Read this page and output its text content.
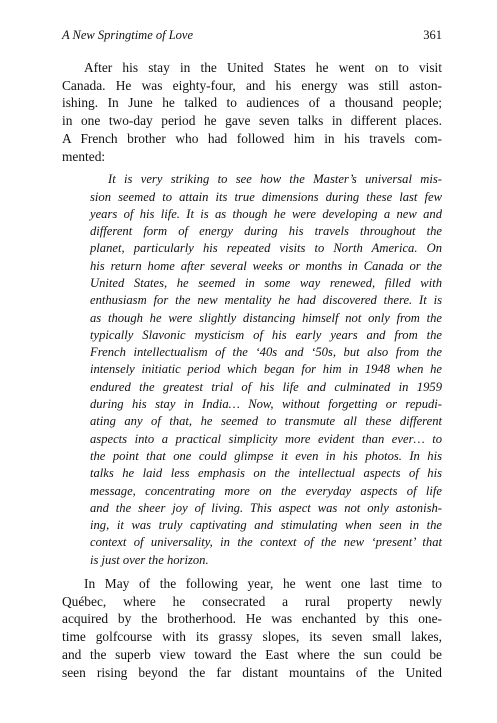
A New Springtime of Love	361
After his stay in the United States he went on to visit
Canada. He was eighty-four, and his energy was still aston-
ishing. In June he talked to audiences of a thousand people;
in one two-day period he gave seven talks in different places.
A French brother who had followed him in his travels com-
mented:
It is very striking to see how the Master’s universal mis-
sion seemed to attain its true dimensions during these last few
years of his life. It is as though he were developing a new and
different form of energy during his travels throughout the
planet, particularly his repeated visits to North America. On
his return home after several weeks or months in Canada or the
United States, he seemed in some way renewed, filled with
enthusiasm for the new mentality he had discovered there. It is
as though he were slightly distancing himself not only from the
typically Slavonic mysticism of his early years and from the
French intellectualism of the ‘40s and ‘50s, but also from the
intensely initiatic period which began for him in 1948 when he
endured the greatest trial of his life and culminated in 1959
during his stay in India… Now, without forgetting or repudi-
ating any of that, he seemed to transmute all these different
aspects into a practical simplicity more evident than ever… to
the point that one could glimpse it even in his photos. In his
talks he laid less emphasis on the intellectual aspects of his
message, concentrating more on the everyday aspects of life
and the sheer joy of living. This aspect was not only astonish-
ing, it was truly captivating and stimulating when seen in the
context of universality, in the context of the new ‘present’ that
is just over the horizon.
In May of the following year, he went one last time to
Québec, where he consecrated a rural property newly
acquired by the brotherhood. He was enchanted by this one-
time golfcourse with its grassy slopes, its seven small lakes,
and the superb view toward the East where the sun could be
seen rising beyond the far distant mountains of the United
